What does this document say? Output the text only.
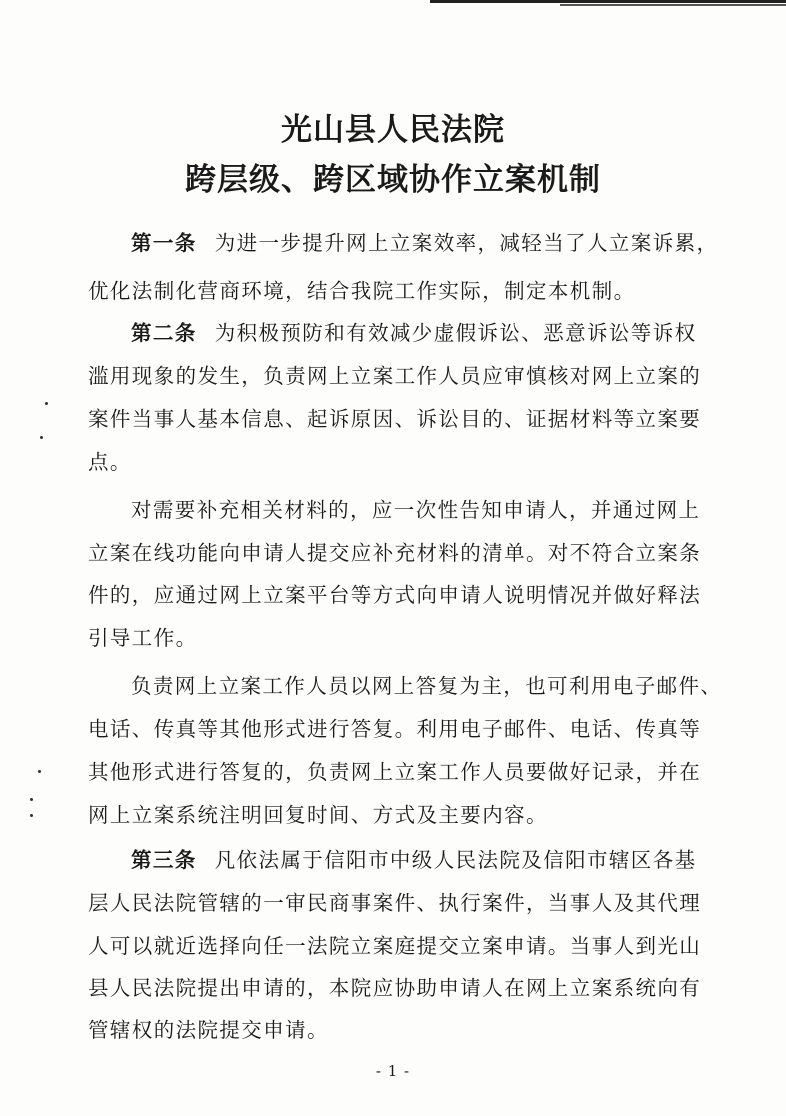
光山县人民法院
跨层级、跨区域协作立案机制
第一条 为进一步提升网上立案效率，减轻当了人立案诉累，
优化法制化营商环境，结合我院工作实际，制定本机制。
第二条 为积极预防和有效减少虚假诉讼、恶意诉讼等诉权
滥用现象的发生，负责网上立案工作人员应审慎核对网上立案的
案件当事人基本信息、起诉原因、诉讼目的、证据材料等立案要
点。
对需要补充相关材料的，应一次性告知申请人，并通过网上
立案在线功能向申请人提交应补充材料的清单。对不符合立案条
件的，应通过网上立案平台等方式向申请人说明情况并做好释法
引导工作。
负责网上立案工作人员以网上答复为主，也可利用电子邮件、
电话、传真等其他形式进行答复。利用电子邮件、电话、传真等
其他形式进行答复的，负责网上立案工作人员要做好记录，并在
网上立案系统注明回复时间、方式及主要内容。
第三条 凡依法属于信阳市中级人民法院及信阳市辖区各基
层人民法院管辖的一审民商事案件、执行案件，当事人及其代理
人可以就近选择向任一法院立案庭提交立案申请。当事人到光山
县人民法院提出申请的，本院应协助申请人在网上立案系统向有
管辖权的法院提交申请。
- 1 -
